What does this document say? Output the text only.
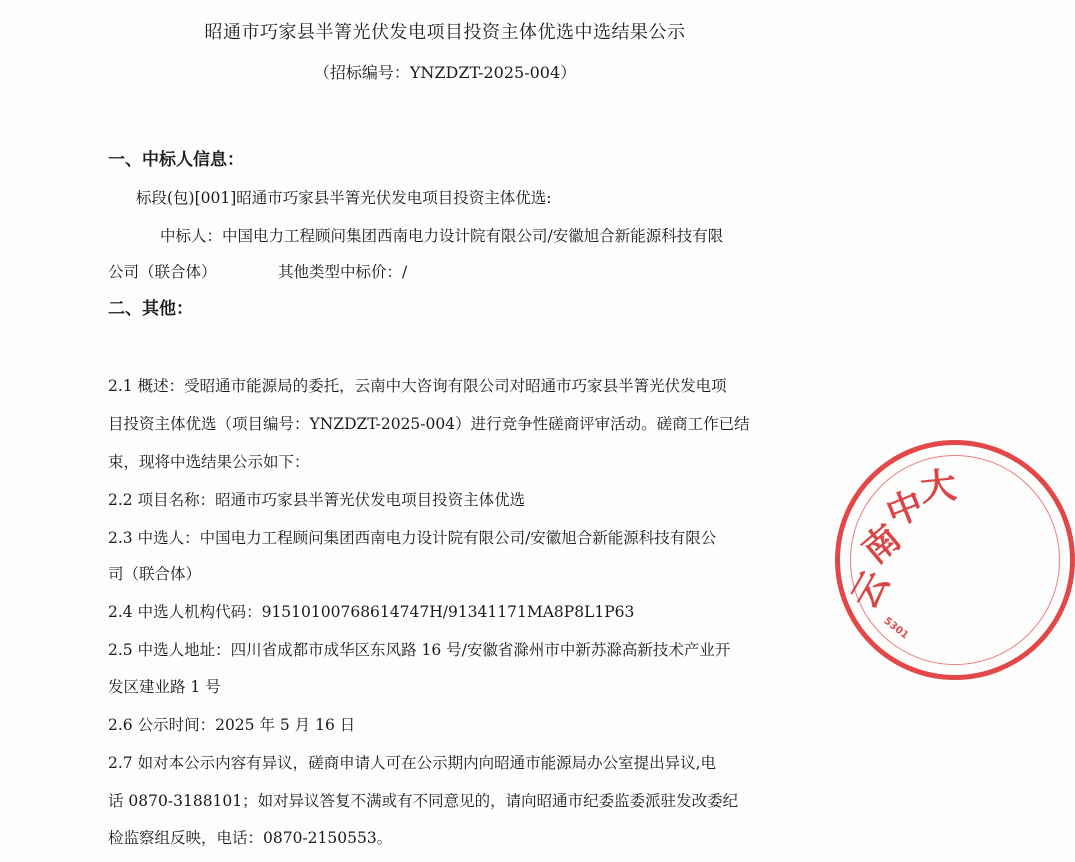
昭通市巧家县半箐光伏发电项目投资主体优选中选结果公示
（招标编号：YNZDZT-2025-004）
一、中标人信息：
标段(包)[001]昭通市巧家县半箐光伏发电项目投资主体优选:
中标人：中国电力工程顾问集团西南电力设计院有限公司/安徽旭合新能源科技有限
公司（联合体）	其他类型中标价：/
二、其他：
2.1 概述：受昭通市能源局的委托，云南中大咨询有限公司对昭通市巧家县半箐光伏发电项
目投资主体优选（项目编号：YNZDZT-2025-004）进行竞争性磋商评审活动。磋商工作已结
束，现将中选结果公示如下：
2.2 项目名称：昭通市巧家县半箐光伏发电项目投资主体优选
2.3 中选人：中国电力工程顾问集团西南电力设计院有限公司/安徽旭合新能源科技有限公
司（联合体）
2.4 中选人机构代码：91510100768614747H/91341171MA8P8L1P63
2.5 中选人地址：四川省成都市成华区东风路 16 号/安徽省滁州市中新苏滁高新技术产业开
发区建业路 1 号
2.6 公示时间：2025 年 5 月 16 日
2.7 如对本公示内容有异议，磋商申请人可在公示期内向昭通市能源局办公室提出异议,电
话 0870-3188101；如对异议答复不满或有不同意见的，请向昭通市纪委监委派驻发改委纪
检监察组反映，电话：0870-2150553。
云
南
中
大
5301
